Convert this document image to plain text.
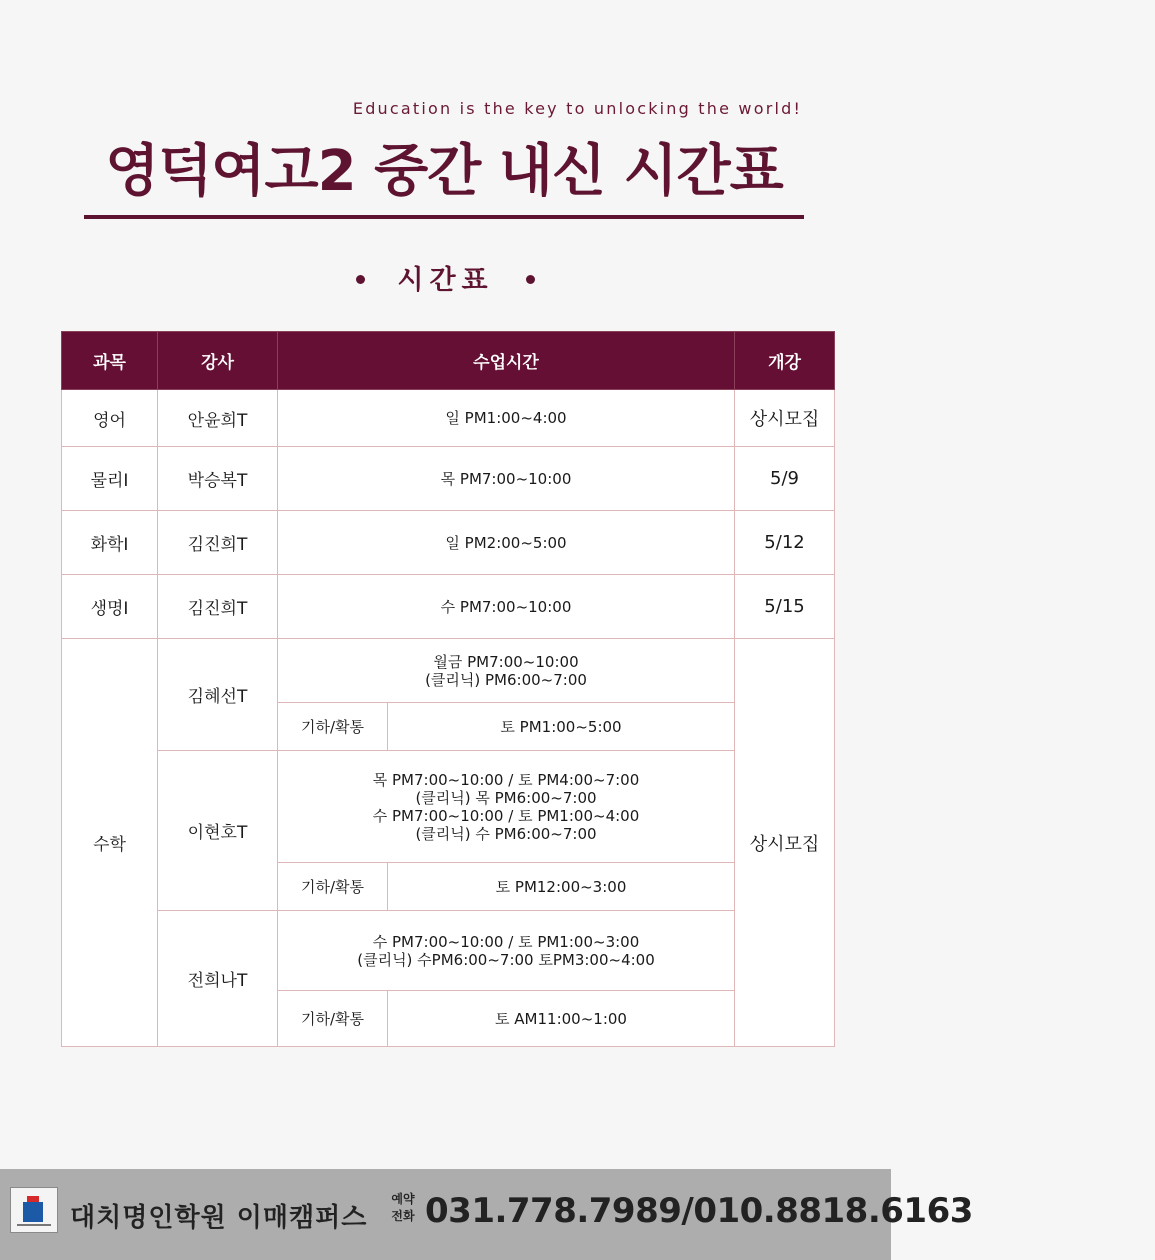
Education is the key to unlocking the world!
영덕여고2 중간 내신 시간표
시간표
과목	강사	수업시간		개강
영어	안윤희T	일 PM1:00~4:00		상시모집
물리Ⅰ	박승복T	목 PM7:00~10:00		5/9
화학Ⅰ	김진희T	일 PM2:00~5:00		5/12
생명Ⅰ	김진희T	수 PM7:00~10:00		5/15
수학	김혜선T	월금 PM7:00~10:00
(클리닉) PM6:00~7:00		상시모집
		기하/확통	토 PM1:00~5:00	
	이현호T	목 PM7:00~10:00 / 토 PM4:00~7:00
(클리닉) 목 PM6:00~7:00
수 PM7:00~10:00 / 토 PM1:00~4:00
(클리닉) 수 PM6:00~7:00		

		기하/확통	토 PM12:00~3:00	
	전희나T	수 PM7:00~10:00 / 토 PM1:00~3:00
(클리닉) 수PM6:00~7:00 토PM3:00~4:00		

		기하/확통	토 AM11:00~1:00	
대치명인학원 이매캠퍼스
예약
전화 031.778.7989/010.8818.6163
